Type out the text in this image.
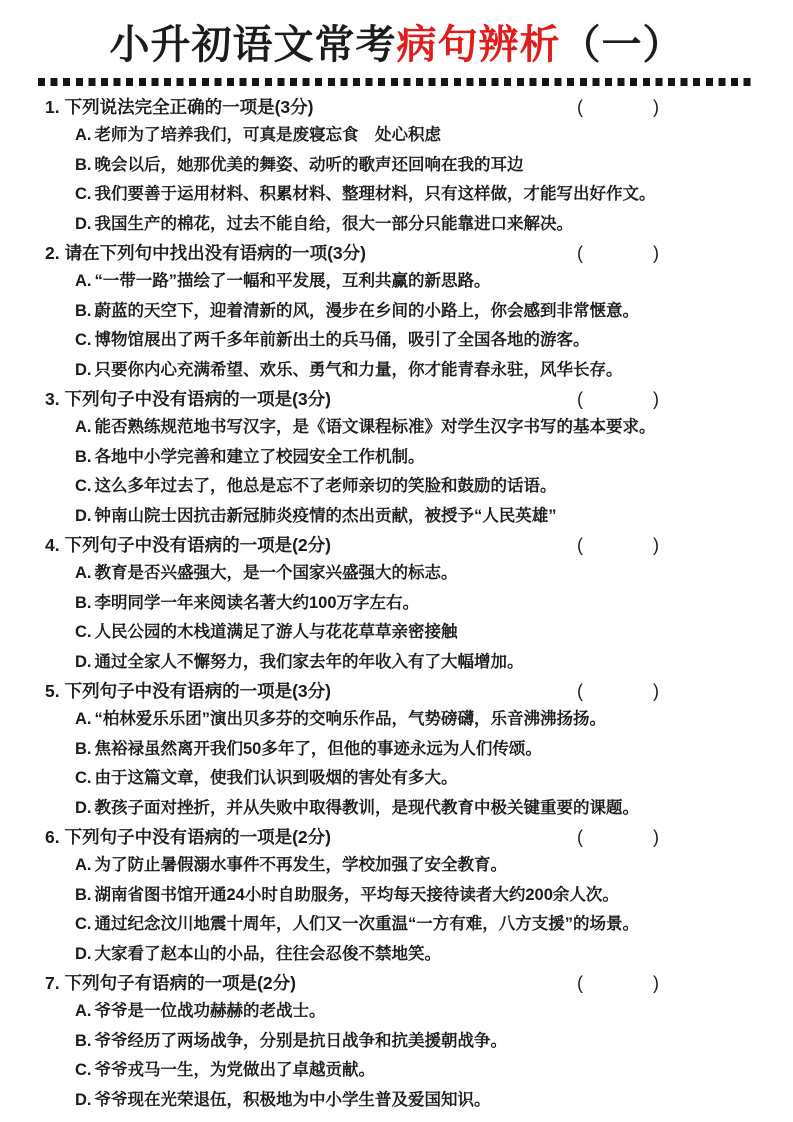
小升初语文常考病句辨析（一）
1. 下列说法完全正确的一项是(3分)	(	)
A. 老师为了培养我们，可真是废寝忘食　处心积虑
B. 晚会以后，她那优美的舞姿、动听的歌声还回响在我的耳边
C. 我们要善于运用材料、积累材料、整理材料，只有这样做，才能写出好作文。
D. 我国生产的棉花，过去不能自给，很大一部分只能靠进口来解决。
2. 请在下列句中找出没有语病的一项(3分)	(	)
A. “一带一路”描绘了一幅和平发展，互利共赢的新思路。
B. 蔚蓝的天空下，迎着清新的风，漫步在乡间的小路上，你会感到非常惬意。
C. 博物馆展出了两千多年前新出土的兵马俑，吸引了全国各地的游客。
D. 只要你内心充满希望、欢乐、勇气和力量，你才能青春永驻，风华长存。
3. 下列句子中没有语病的一项是(3分)	(	)
A. 能否熟练规范地书写汉字，是《语文课程标准》对学生汉字书写的基本要求。
B. 各地中小学完善和建立了校园安全工作机制。
C. 这么多年过去了，他总是忘不了老师亲切的笑脸和鼓励的话语。
D. 钟南山院士因抗击新冠肺炎疫情的杰出贡献，被授予“人民英雄”
4. 下列句子中没有语病的一项是(2分)	(	)
A. 教育是否兴盛强大，是一个国家兴盛强大的标志。
B. 李明同学一年来阅读名著大约100万字左右。
C. 人民公园的木栈道满足了游人与花花草草亲密接触
D. 通过全家人不懈努力，我们家去年的年收入有了大幅增加。
5. 下列句子中没有语病的一项是(3分)	(	)
A. “柏林爱乐乐团”演出贝多芬的交响乐作品，气势磅礴，乐音沸沸扬扬。
B. 焦裕禄虽然离开我们50多年了，但他的事迹永远为人们传颂。
C. 由于这篇文章，使我们认识到吸烟的害处有多大。
D. 教孩子面对挫折，并从失败中取得教训，是现代教育中极关键重要的课题。
6. 下列句子中没有语病的一项是(2分)	(	)
A. 为了防止暑假溺水事件不再发生，学校加强了安全教育。
B. 湖南省图书馆开通24小时自助服务，平均每天接待读者大约200余人次。
C. 通过纪念汶川地震十周年，人们又一次重温“一方有难，八方支援”的场景。
D. 大家看了赵本山的小品，往往会忍俊不禁地笑。
7. 下列句子有语病的一项是(2分)	(	)
A. 爷爷是一位战功赫赫的老战士。
B. 爷爷经历了两场战争，分别是抗日战争和抗美援朝战争。
C. 爷爷戎马一生，为党做出了卓越贡献。
D. 爷爷现在光荣退伍，积极地为中小学生普及爱国知识。
